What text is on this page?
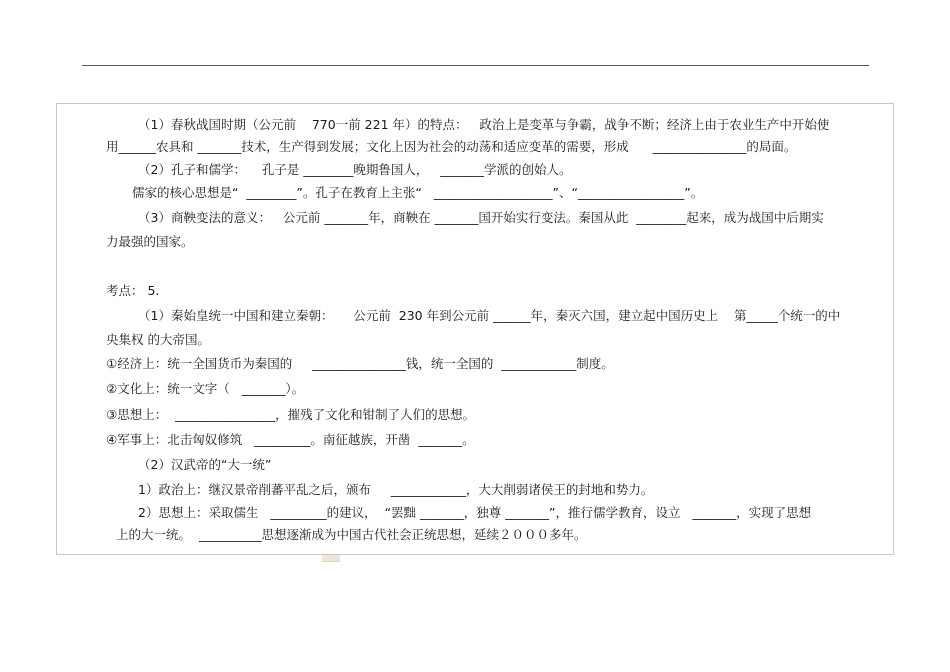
（1）春秋战国时期（公元前    770一前 221 年）的特点：   政治上是变革与争霸，战争不断；经济上由于农业生产中开始使

用______农具和 _______技术，生产得到发展；文化上因为社会的动荡和适应变革的需要，形成      _______________的局面。

（2）孔子和儒学：    孔子是 ________晚期鲁国人，   _______学派的创始人。

儒家的核心思想是“  ________”。孔子在教育上主张“   ___________________”、“_________________”。

（3）商鞅变法的意义：   公元前 _______年，商鞅在 _______国开始实行变法。秦国从此  ________起来，成为战国中后期实

力最强的国家。

考点： 5.

（1）秦始皇统一中国和建立秦朝：     公元前  230 年到公元前 ______年，秦灭六国，建立起中国历史上    第_____个统一的中

央集权 的大帝国。

①经济上：统一全国货币为秦国的     _______________钱，统一全国的  ____________制度。

②文化上：统一文字（   _______）。

③思想上：  ________________，摧残了文化和钳制了人们的思想。

④军事上：北击匈奴修筑   _________。南征越族，开凿  _______。

（2）汉武帝的“大一统”

1）政治上：继汉景帝削蕃平乱之后，颁布     ____________，大大削弱诸侯王的封地和势力。

2）思想上：采取儒生   _________的建议，  “罢黜 _______，独尊 _______”，推行儒学教育，设立   _______，实现了思想

上的大一统。  __________思想逐渐成为中国古代社会正统思想，延续２０００多年。
